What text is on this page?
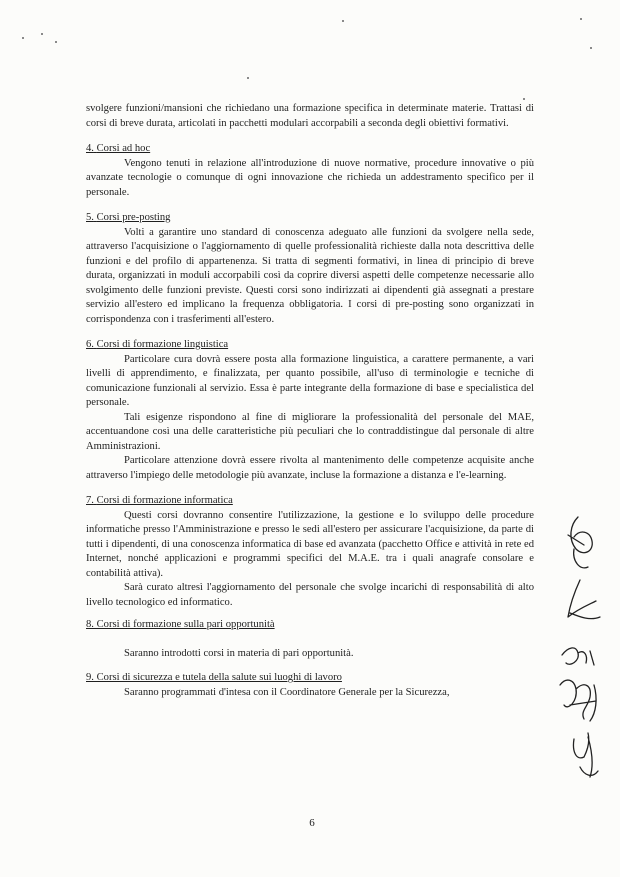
svolgere funzioni/mansioni che richiedano una formazione specifica in determinate materie. Trattasi di corsi di breve durata, articolati in pacchetti modulari accorpabili a seconda degli obiettivi formativi.

4. Corsi ad hoc

Vengono tenuti in relazione all'introduzione di nuove normative, procedure innovative o più avanzate tecnologie o comunque di ogni innovazione che richieda un addestramento specifico per il personale.

5. Corsi pre-posting

Volti a garantire uno standard di conoscenza adeguato alle funzioni da svolgere nella sede, attraverso l'acquisizione o l'aggiornamento di quelle professionalità richieste dalla nota descrittiva delle funzioni e del profilo di appartenenza. Si tratta di segmenti formativi, in linea di principio di breve durata, organizzati in moduli accorpabili così da coprire diversi aspetti delle competenze necessarie allo svolgimento delle funzioni previste. Questi corsi sono indirizzati ai dipendenti già assegnati a prestare servizio all'estero ed implicano la frequenza obbligatoria. I corsi di pre-posting sono organizzati in corrispondenza con i trasferimenti all'estero.

6. Corsi di formazione linguistica

Particolare cura dovrà essere posta alla formazione linguistica, a carattere permanente, a vari livelli di apprendimento, e finalizzata, per quanto possibile, all'uso di terminologie e tecniche di comunicazione funzionali al servizio. Essa è parte integrante della formazione di base e specialistica del personale.

Tali esigenze rispondono al fine di migliorare la professionalità del personale del MAE, accentuandone così una delle caratteristiche più peculiari che lo contraddistingue dal personale di altre Amministrazioni.

Particolare attenzione dovrà essere rivolta al mantenimento delle competenze acquisite anche attraverso l'impiego delle metodologie più avanzate, incluse la formazione a distanza e l'e-learning.

7. Corsi di formazione informatica

Questi corsi dovranno consentire l'utilizzazione, la gestione e lo sviluppo delle procedure informatiche presso l'Amministrazione e presso le sedi all'estero per assicurare l'acquisizione, da parte di tutti i dipendenti, di una conoscenza informatica di base ed avanzata (pacchetto Office e attività in rete ed Internet, nonché applicazioni e programmi specifici del M.A.E. tra i quali anagrafe consolare e contabilità attiva).

Sarà curato altresì l'aggiornamento del personale che svolge incarichi di responsabilità di alto livello tecnologico ed informatico.

8. Corsi di formazione sulla pari opportunità

Saranno introdotti corsi in materia di pari opportunità.

9. Corsi di sicurezza e tutela della salute sui luoghi di lavoro

Saranno programmati d'intesa con il Coordinatore Generale per la Sicurezza,

6
